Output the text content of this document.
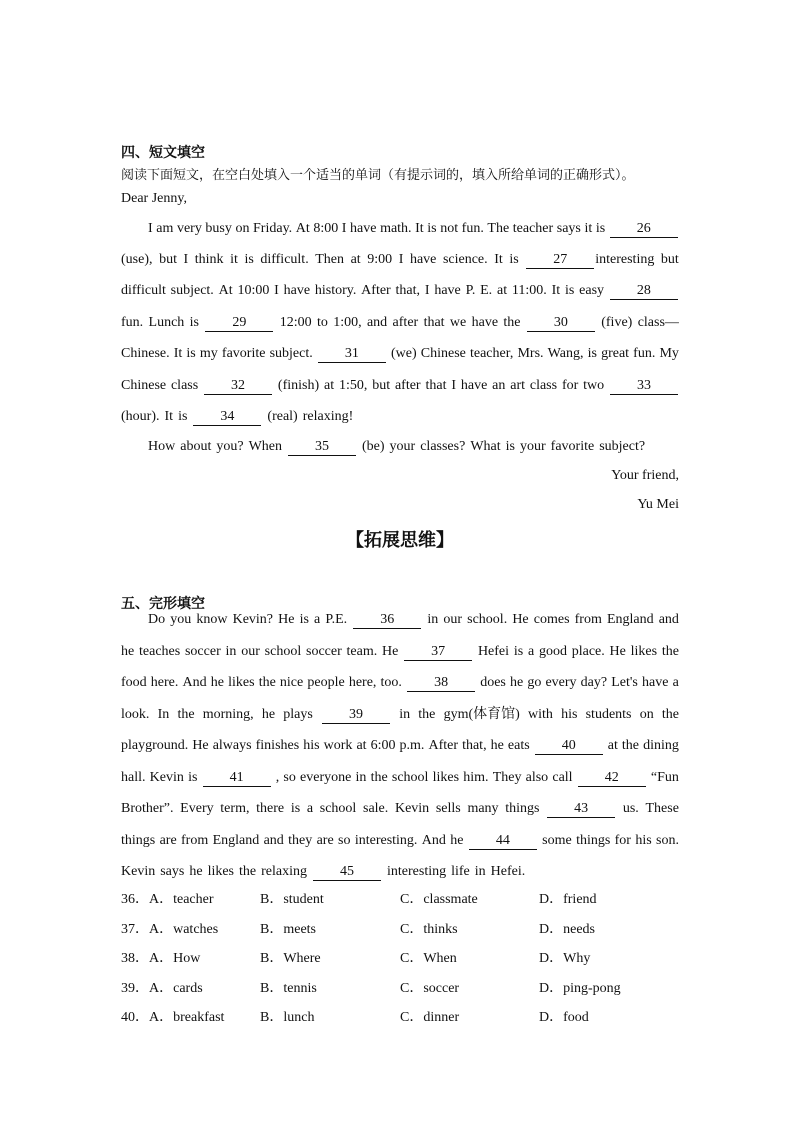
四、短文填空
阅读下面短文，在空白处填入一个适当的单词（有提示词的，填入所给单词的正确形式）。
Dear Jenny,
I am very busy on Friday. At 8:00 I have math. It is not fun. The teacher says it is	26
(use), but I think it is difficult. Then at 9:00 I have science. It is	27 interesting but
difficult subject. At 10:00 I have history. After that, I have P. E. at 11:00. It is easy	28
fun. Lunch is	29	12:00 to 1:00, and after that we have the	30	(five) class—
Chinese. It is my favorite subject.	31	(we) Chinese teacher, Mrs. Wang, is great fun. My
Chinese class	32	(finish) at 1:50, but after that I have an art class for two	33
(hour). It is	34	(real) relaxing!
How about you? When	35	(be) your classes? What is your favorite subject?
Your friend,
Yu Mei
【拓展思维】
五、完形填空
Do you know Kevin? He is a P.E.	36	in our school. He comes from England and
he teaches soccer in our school soccer team. He	37	Hefei is a good place. He likes the
food here. And he likes the nice people here, too.	38	does he go every day? Let's have a
look. In the morning, he plays	39	in the gym(体育馆) with his students on the
playground. He always finishes his work at 6:00 p.m. After that, he eats	40	at the dining
hall. Kevin is	41	, so everyone in the school likes him. They also call	42	“Fun
Brother”. Every term, there is a school sale. Kevin sells many things	43	us. These
things are from England and they are so interesting. And he	44	some things for his son.
Kevin says he likes the relaxing	45	interesting life in Hefei.
36． A．teacher	B．student	C．classmate	D．friend
37． A．watches	B．meets	C．thinks	D．needs
38． A．How	B．Where	C．When	D．Why
39． A．cards	B．tennis	C．soccer	D．ping-pong
40． A．breakfast	B．lunch	C．dinner	D．food
